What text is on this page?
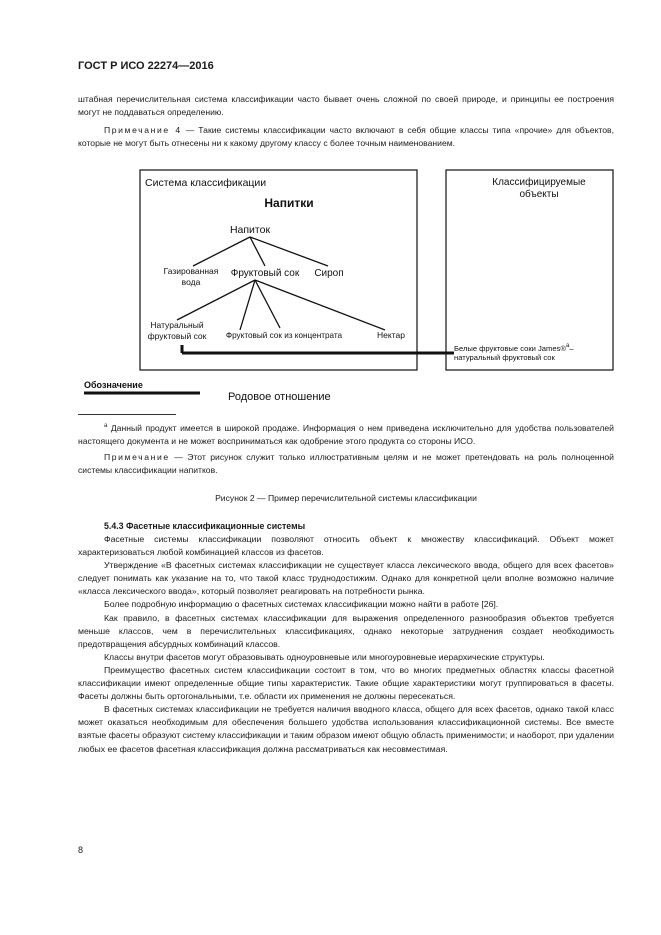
ГОСТ Р ИСО 22274—2016
штабная перечислительная система классификации часто бывает очень сложной по своей природе, и принципы ее построения могут не поддаваться определению.
Примечание 4 — Такие системы классификации часто включают в себя общие классы типа «прочие» для объектов, которые не могут быть отнесены ни к какому другому классу с более точным наименованием.
Система классификации	Классифицируемые
объекты
Напитки
Напиток
Газированная
вода
Фруктовый сок Сироп
Натуральный
фруктовый сок Фруктовый сок из концентрата	Нектар
Белые фруктовые соки James®$^a$–
натуральный фруктовый сок
Обозначение
Родовое отношение
$^a$ Данный продукт имеется в широкой продаже. Информация о нем приведена исключительно для удобства пользователей настоящего документа и не может восприниматься как одобрение этого продукта со стороны ИСО.
Примечание — Этот рисунок служит только иллюстративным целям и не может претендовать на роль полноценной системы классификации напитков.
Рисунок 2 — Пример перечислительной системы классификации
5.4.3 Фасетные классификационные системы

Фасетные системы классификации позволяют относить объект к множеству классификаций. Объект может характеризоваться любой комбинацией классов из фасетов.

Утверждение «В фасетных системах классификации не существует класса лексического ввода, общего для всех фасетов» следует понимать как указание на то, что такой класс труднодостижим. Однако для конкретной цели вполне возможно наличие «класса лексического ввода», который позволяет реагировать на потребности рынка.

Более подробную информацию о фасетных системах классификации можно найти в работе [26].

Как правило, в фасетных системах классификации для выражения определенного разнообразия объектов требуется меньше классов, чем в перечислительных классификациях, однако некоторые затруднения создает необходимость предотвращения абсурдных комбинаций классов.

Классы внутри фасетов могут образовывать одноуровневые или многоуровневые иерархические структуры.

Преимущество фасетных систем классификации состоит в том, что во многих предметных областях классы фасетной классификации имеют определенные общие типы характеристик. Такие общие характеристики могут группироваться в фасеты. Фасеты должны быть ортогональными, т.е. области их применения не должны пересекаться.

В фасетных системах классификации не требуется наличия вводного класса, общего для всех фасетов, однако такой класс может оказаться необходимым для обеспечения большего удобства использования классификационной системы. Все вместе взятые фасеты образуют систему классификации и таким образом имеют общую область применимости; и наоборот, при удалении любых ее фасетов фасетная классификация должна рассматриваться как несовместимая.

8
